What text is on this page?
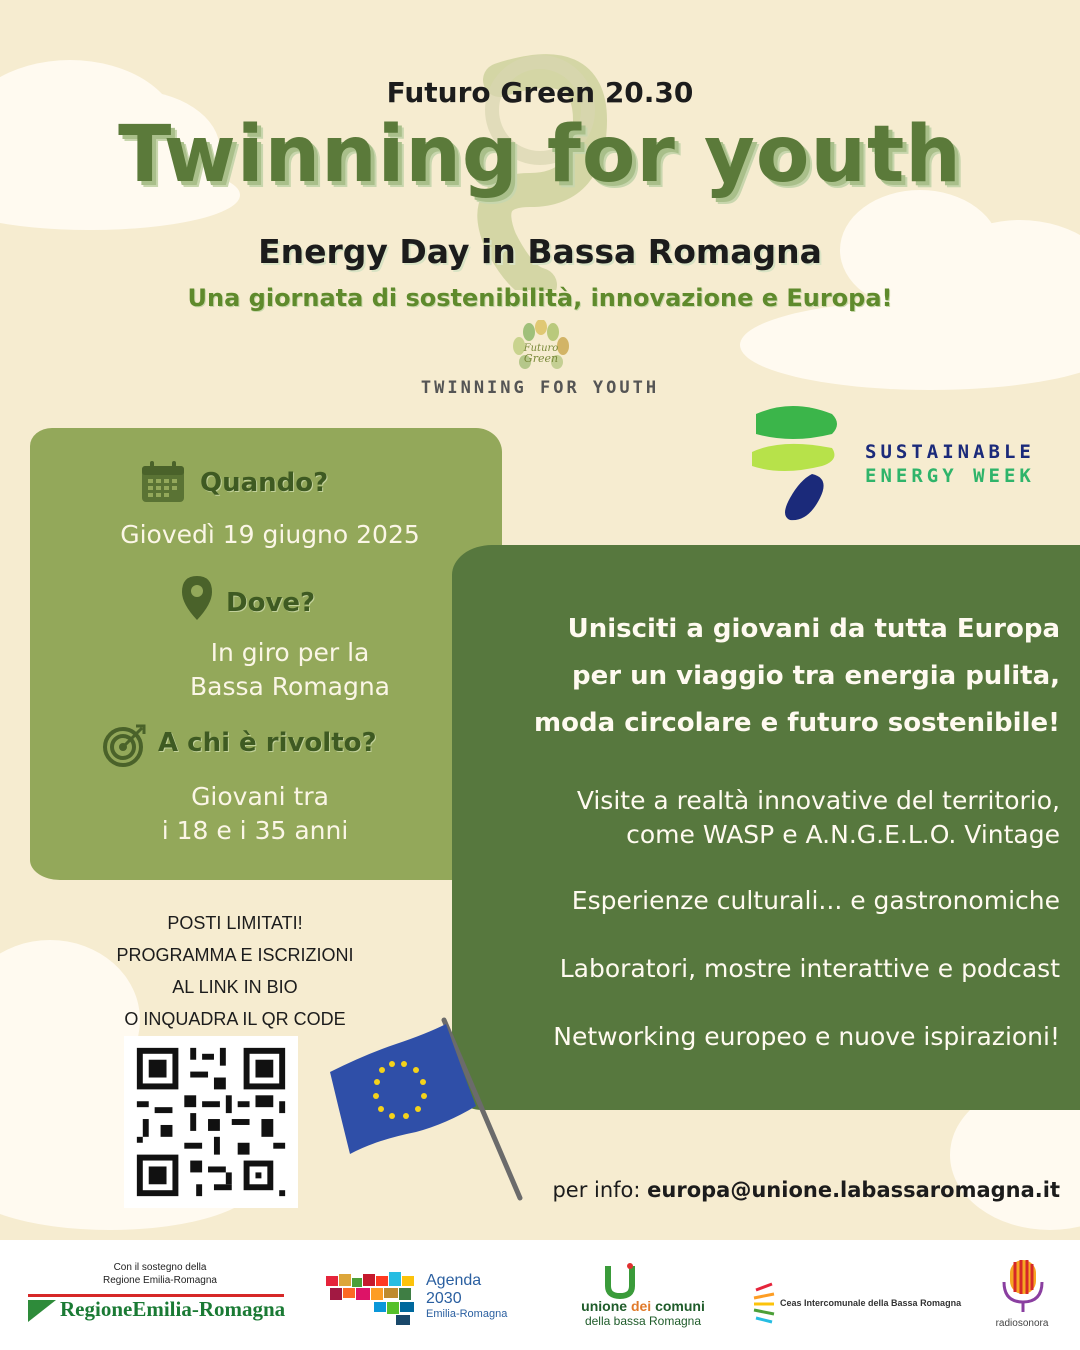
Futuro Green 20.30
Twinning for youth
Energy Day in Bassa Romagna
Una giornata di sostenibilità, innovazione e Europa!
Futuro
Green
TWINNING FOR YOUTH
SUSTAINABLE
ENERGY WEEK
Quando?
Giovedì 19 giugno 2025
Dove?
In giro per la
Bassa Romagna
A chi è rivolto?
Giovani tra
i 18 e i 35 anni
Unisciti a giovani da tutta Europa
per un viaggio tra energia pulita,
moda circolare e futuro sostenibile!
Visite a realtà innovative del territorio,
come WASP e A.N.G.E.L.O. Vintage
Esperienze culturali... e gastronomiche
Laboratori, mostre interattive e podcast
Networking europeo e nuove ispirazioni!
POSTI LIMITATI!
PROGRAMMA E ISCRIZIONI
AL LINK IN BIO
O INQUADRA IL QR CODE
per info: europa@unione.labassaromagna.it
Con il sostegno della
Regione Emilia-Romagna
RegioneEmilia-Romagna
Agenda
2030
Emilia-Romagna	unione dei comuni
della bassa Romagna
Ceas Intercomunale della Bassa Romagna
radiosonora
